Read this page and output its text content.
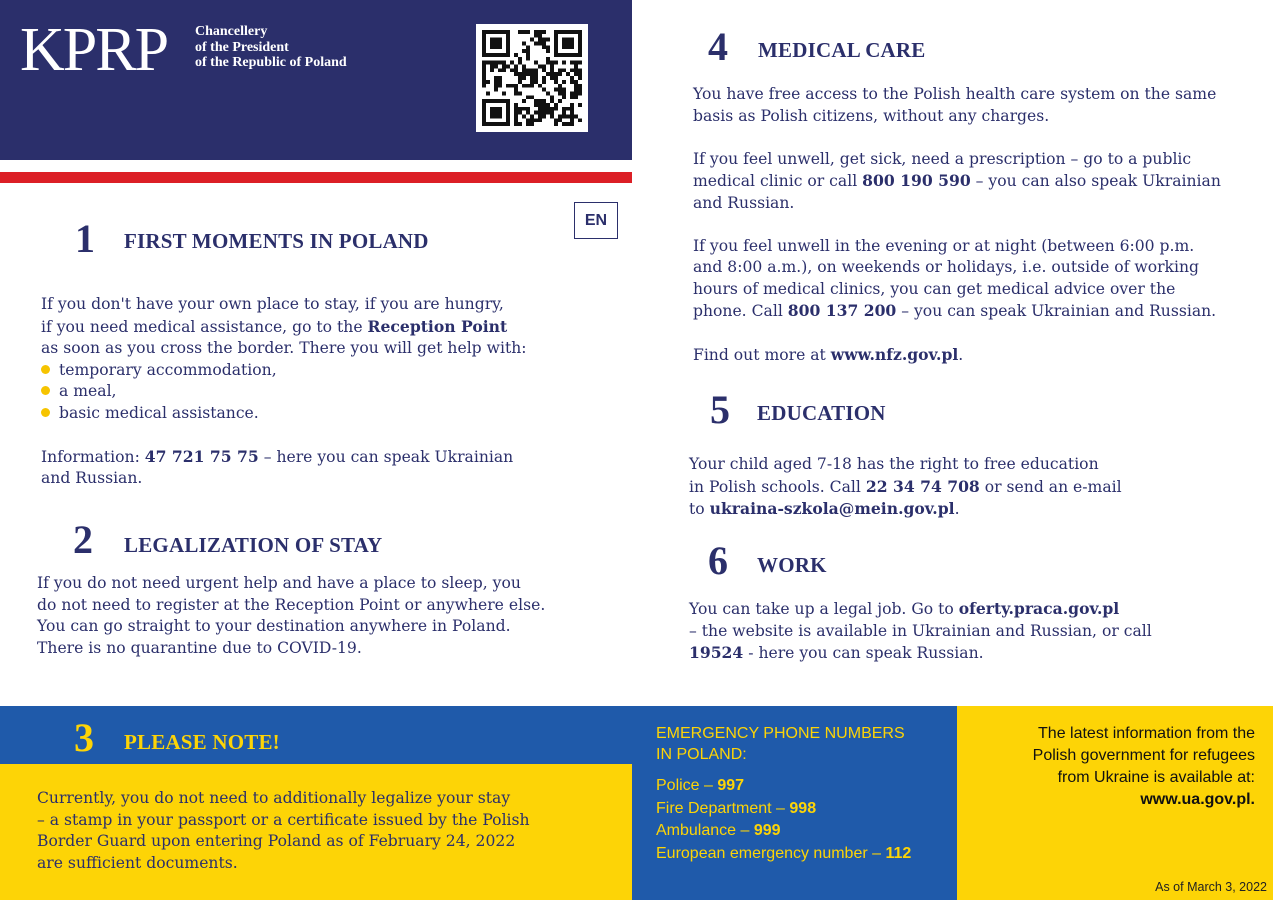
KPRP Chancellery
of the President
of the Republic of Poland
EN
1 FIRST MOMENTS IN POLAND
If you don't have your own place to stay, if you are hungry,
if you need medical assistance, go to the Reception Point
as soon as you cross the border. There you will get help with:
temporary accommodation,
a meal,
basic medical assistance.
Information: 47 721 75 75 – here you can speak Ukrainian
and Russian.
2 LEGALIZATION OF STAY
If you do not need urgent help and have a place to sleep, you
do not need to register at the Reception Point or anywhere else.
You can go straight to your destination anywhere in Poland.
There is no quarantine due to COVID-19.
3 PLEASE NOTE!
Currently, you do not need to additionally legalize your stay
– a stamp in your passport or a certificate issued by the Polish
Border Guard upon entering Poland as of February 24, 2022
are sufficient documents.
4 MEDICAL CARE
You have free access to the Polish health care system on the same
basis as Polish citizens, without any charges.
If you feel unwell, get sick, need a prescription – go to a public
medical clinic or call 800 190 590 – you can also speak Ukrainian
and Russian.
If you feel unwell in the evening or at night (between 6:00 p.m.
and 8:00 a.m.), on weekends or holidays, i.e. outside of working
hours of medical clinics, you can get medical advice over the
phone. Call 800 137 200 – you can speak Ukrainian and Russian.
Find out more at www.nfz.gov.pl.
5 EDUCATION
Your child aged 7-18 has the right to free education
in Polish schools. Call 22 34 74 708 or send an e-mail
to ukraina-szkola@mein.gov.pl.
6 WORK
You can take up a legal job. Go to oferty.praca.gov.pl
– the website is available in Ukrainian and Russian, or call
19524 - here you can speak Russian.
EMERGENCY PHONE NUMBERS
IN POLAND:
Police – 997
Fire Department – 998
Ambulance – 999
European emergency number – 112
The latest information from the
Polish government for refugees
from Ukraine is available at:
www.ua.gov.pl.
As of March 3, 2022
